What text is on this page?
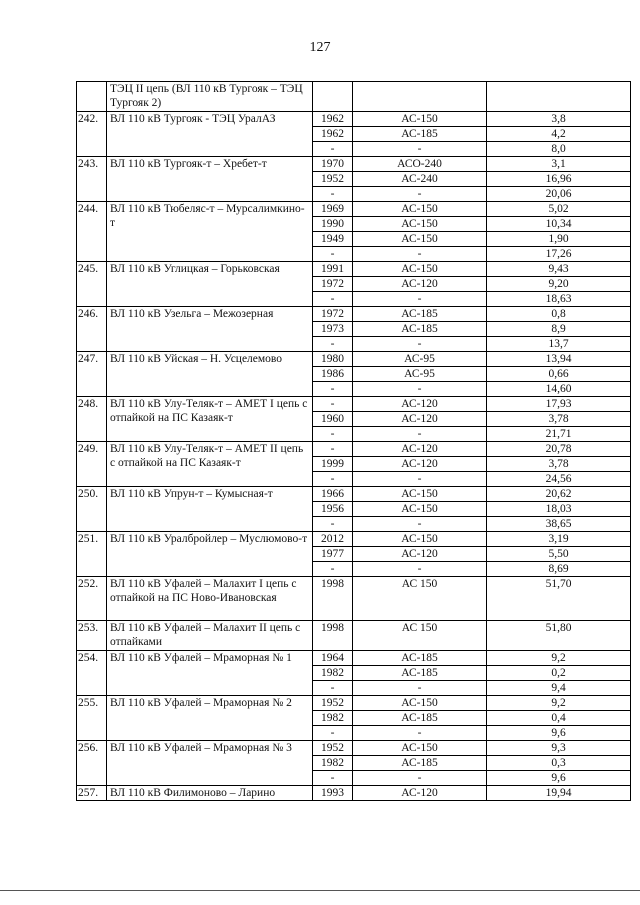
127
	ТЭЦ II цепь (ВЛ 110 кВ Тургояк – ТЭЦ Тургояк 2)			
242.	ВЛ 110 кВ Тургояк - ТЭЦ УралАЗ	1962	АС-150	3,8
		1962	АС-185	4,2
		-	-	8,0
243.	ВЛ 110 кВ Тургояк-т – Хребет-т	1970	АСО-240	3,1
		1952	АС-240	16,96
		-	-	20,06
244.	ВЛ 110 кВ Тюбеляс-т – Мурсалимкино-т	1969	АС-150	5,02
		1990	АС-150	10,34
		1949	АС-150	1,90
		-	-	17,26
245.	ВЛ 110 кВ Углицкая – Горьковская	1991	АС-150	9,43
		1972	АС-120	9,20
		-	-	18,63
246.	ВЛ 110 кВ Узельга – Межозерная	1972	АС-185	0,8
		1973	АС-185	8,9
		-	-	13,7
247.	ВЛ 110 кВ Уйская – Н. Усцелемово	1980	АС-95	13,94
		1986	АС-95	0,66
		-	-	14,60
248.	ВЛ 110 кВ Улу-Теляк-т – АМЕТ I цепь с отпайкой на ПС Казаяк-т	-	АС-120	17,93
		1960	АС-120	3,78
		-	-	21,71
249.	ВЛ 110 кВ Улу-Теляк-т – АМЕТ II цепь с отпайкой на ПС Казаяк-т	-	АС-120	20,78
		1999	АС-120	3,78
		-	-	24,56
250.	ВЛ 110 кВ Упрун-т – Кумысная-т	1966	АС-150	20,62
		1956	АС-150	18,03
		-	-	38,65
251.	ВЛ 110 кВ Уралбройлер – Муслюмово-т	2012	АС-150	3,19
		1977	АС-120	5,50
		-	-	8,69
252.	ВЛ 110 кВ Уфалей – Малахит I цепь с отпайкой на ПС Ново-Ивановская	1998	АС 150	51,70
253.	ВЛ 110 кВ Уфалей – Малахит II цепь с отпайками	1998	АС 150	51,80
254.	ВЛ 110 кВ Уфалей – Мраморная № 1	1964	АС-185	9,2
		1982	АС-185	0,2
		-	-	9,4
255.	ВЛ 110 кВ Уфалей – Мраморная № 2	1952	АС-150	9,2
		1982	АС-185	0,4
		-	-	9,6
256.	ВЛ 110 кВ Уфалей – Мраморная № 3	1952	АС-150	9,3
		1982	АС-185	0,3
		-	-	9,6
257.	ВЛ 110 кВ Филимоново – Ларино	1993	АС-120	19,94
